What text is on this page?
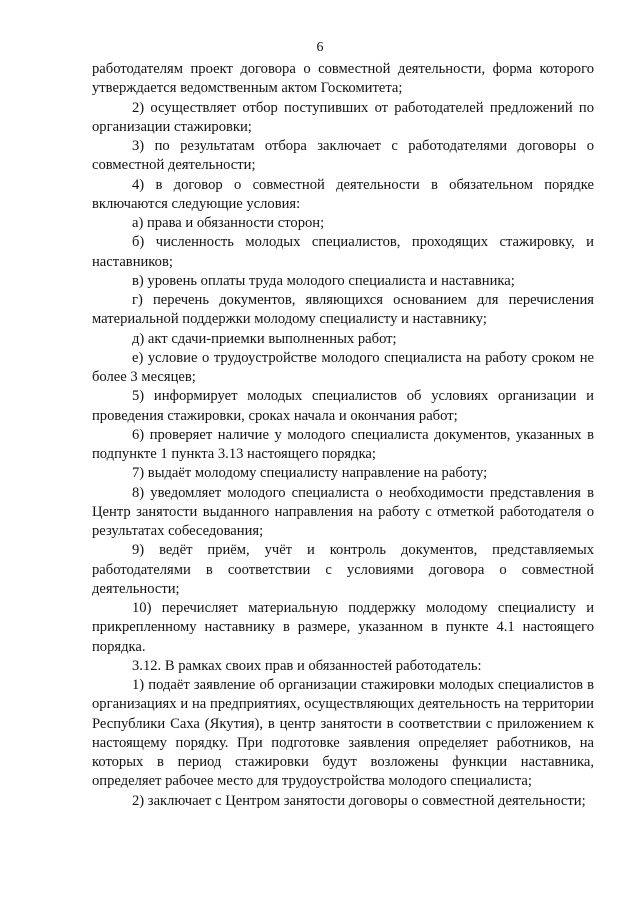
6

работодателям проект договора о совместной деятельности, форма которого утверждается ведомственным актом Госкомитета;

2) осуществляет отбор поступивших от работодателей предложений по организации стажировки;

3) по результатам отбора заключает с работодателями договоры о совместной деятельности;

4) в договор о совместной деятельности в обязательном порядке включаются следующие условия:

а) права и обязанности сторон;

б) численность молодых специалистов, проходящих стажировку, и наставников;

в) уровень оплаты труда молодого специалиста и наставника;

г) перечень документов, являющихся основанием для перечисления материальной поддержки молодому специалисту и наставнику;

д) акт сдачи-приемки выполненных работ;

е) условие о трудоустройстве молодого специалиста на работу сроком не более 3 месяцев;

5) информирует молодых специалистов об условиях организации и проведения стажировки, сроках начала и окончания работ;

6) проверяет наличие у молодого специалиста документов, указанных в подпункте 1 пункта 3.13 настоящего порядка;

7) выдаёт молодому специалисту направление на работу;

8) уведомляет молодого специалиста о необходимости представления в Центр занятости выданного направления на работу с отметкой работодателя о результатах собеседования;

9) ведёт приём, учёт и контроль документов, представляемых работодателями в соответствии с условиями договора о совместной деятельности;

10) перечисляет материальную поддержку молодому специалисту и прикрепленному наставнику в размере, указанном в пункте 4.1 настоящего порядка.

3.12. В рамках своих прав и обязанностей работодатель:

1) подаёт заявление об организации стажировки молодых специалистов в организациях и на предприятиях, осуществляющих деятельность на территории Республики Саха (Якутия), в центр занятости в соответствии с приложением к настоящему порядку. При подготовке заявления определяет работников, на которых в период стажировки будут возложены функции наставника, определяет рабочее место для трудоустройства молодого специалиста;

2) заключает с Центром занятости договоры о совместной деятельности;
